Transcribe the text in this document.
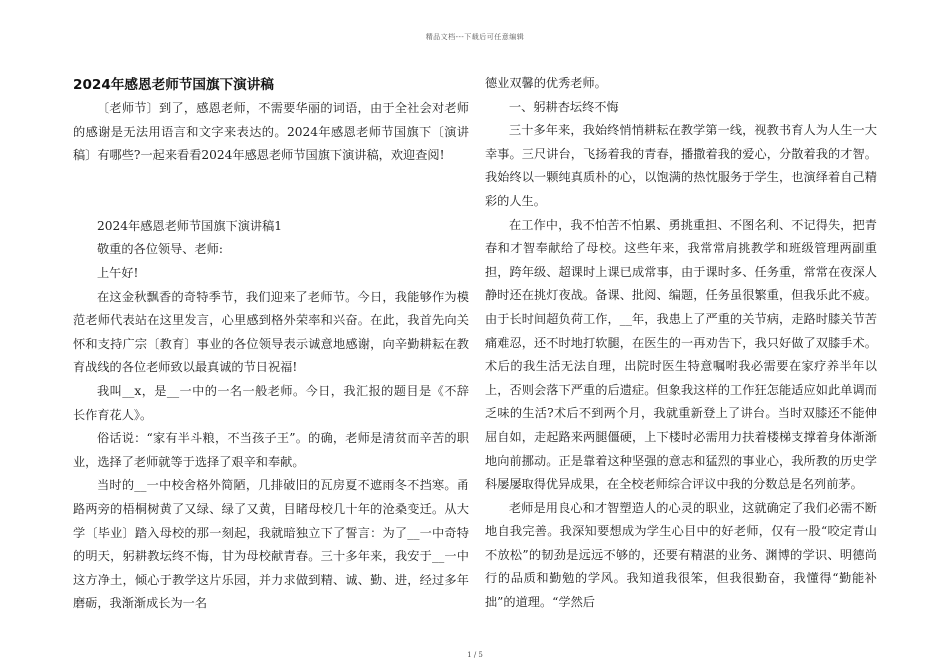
精品文档---下载后可任意编辑
2024年感恩老师节国旗下演讲稿

〔老师节〕到了，感恩老师，不需要华丽的词语，由于全社会对老师的感谢是无法用语言和文字来表达的。2024年感恩老师节国旗下〔演讲稿〕有哪些?一起来看看2024年感恩老师节国旗下演讲稿，欢迎查阅!

2024年感恩老师节国旗下演讲稿1

敬重的各位领导、老师:

上午好!

在这金秋飘香的奇特季节，我们迎来了老师节。今日，我能够作为模范老师代表站在这里发言，心里感到格外荣率和兴奋。在此，我首先向关怀和支持广宗〔教育〕事业的各位领导表示诚意地感谢，向辛勤耕耘在教育战线的各位老师致以最真诚的节日祝福!

我叫__x，是__一中的一名一般老师。今日，我汇报的题目是《不辞长作育花人》。

俗话说：“家有半斗粮，不当孩子王”。的确，老师是清贫而辛苦的职业，选择了老师就等于选择了艰辛和奉献。

当时的__一中校舍格外简陋，几排破旧的瓦房夏不遮雨冬不挡寒。甬路两旁的梧桐树黄了又绿、绿了又黄，目睹母校几十年的沧桑变迁。从大学〔毕业〕踏入母校的那一刻起，我就暗独立下了誓言：为了__一中奇特的明天，躬耕教坛终不悔，甘为母校献青春。三十多年来，我安于__一中这方净土，倾心于教学这片乐园，并力求做到精、诚、勤、进，经过多年磨砺，我渐渐成长为一名

德业双馨的优秀老师。

一、躬耕杏坛终不悔

三十多年来，我始终悄悄耕耘在教学第一线，视教书育人为人生一大幸事。三尺讲台，飞扬着我的青春，播撒着我的爱心，分散着我的才智。我始终以一颗纯真质朴的心，以饱满的热忱服务于学生，也演绎着自己精彩的人生。

在工作中，我不怕苦不怕累、勇挑重担、不图名利、不记得失，把青春和才智奉献给了母校。这些年来，我常常肩挑教学和班级管理两副重担，跨年级、超课时上课已成常事，由于课时多、任务重，常常在夜深人静时还在挑灯夜战。备课、批阅、编题，任务虽很繁重，但我乐此不疲。由于长时间超负荷工作，__年，我患上了严重的关节病，走路时膝关节苦痛难忍，还不时地打软腿，在医生的一再劝告下，我只好做了双膝手术。术后的我生活无法自理，出院时医生特意嘱咐我必需要在家疗养半年以上，否则会落下严重的后遗症。但象我这样的工作狂怎能适应如此单调而乏味的生活?术后不到两个月，我就重新登上了讲台。当时双膝还不能伸屈自如，走起路来两腿僵硬，上下楼时必需用力扶着楼梯支撑着身体渐渐地向前挪动。正是靠着这种坚强的意志和猛烈的事业心，我所教的历史学科屡屡取得优异成果，在全校老师综合评议中我的分数总是名列前茅。

老师是用良心和才智塑造人的心灵的职业，这就确定了我们必需不断地自我完善。我深知要想成为学生心目中的好老师，仅有一股“咬定青山不放松”的韧劲是远远不够的，还要有精湛的业务、渊博的学识、明德尚行的品质和勤勉的学风。我知道我很笨，但我很勤奋，我懂得“勤能补拙”的道理。“学然后

1 / 5
